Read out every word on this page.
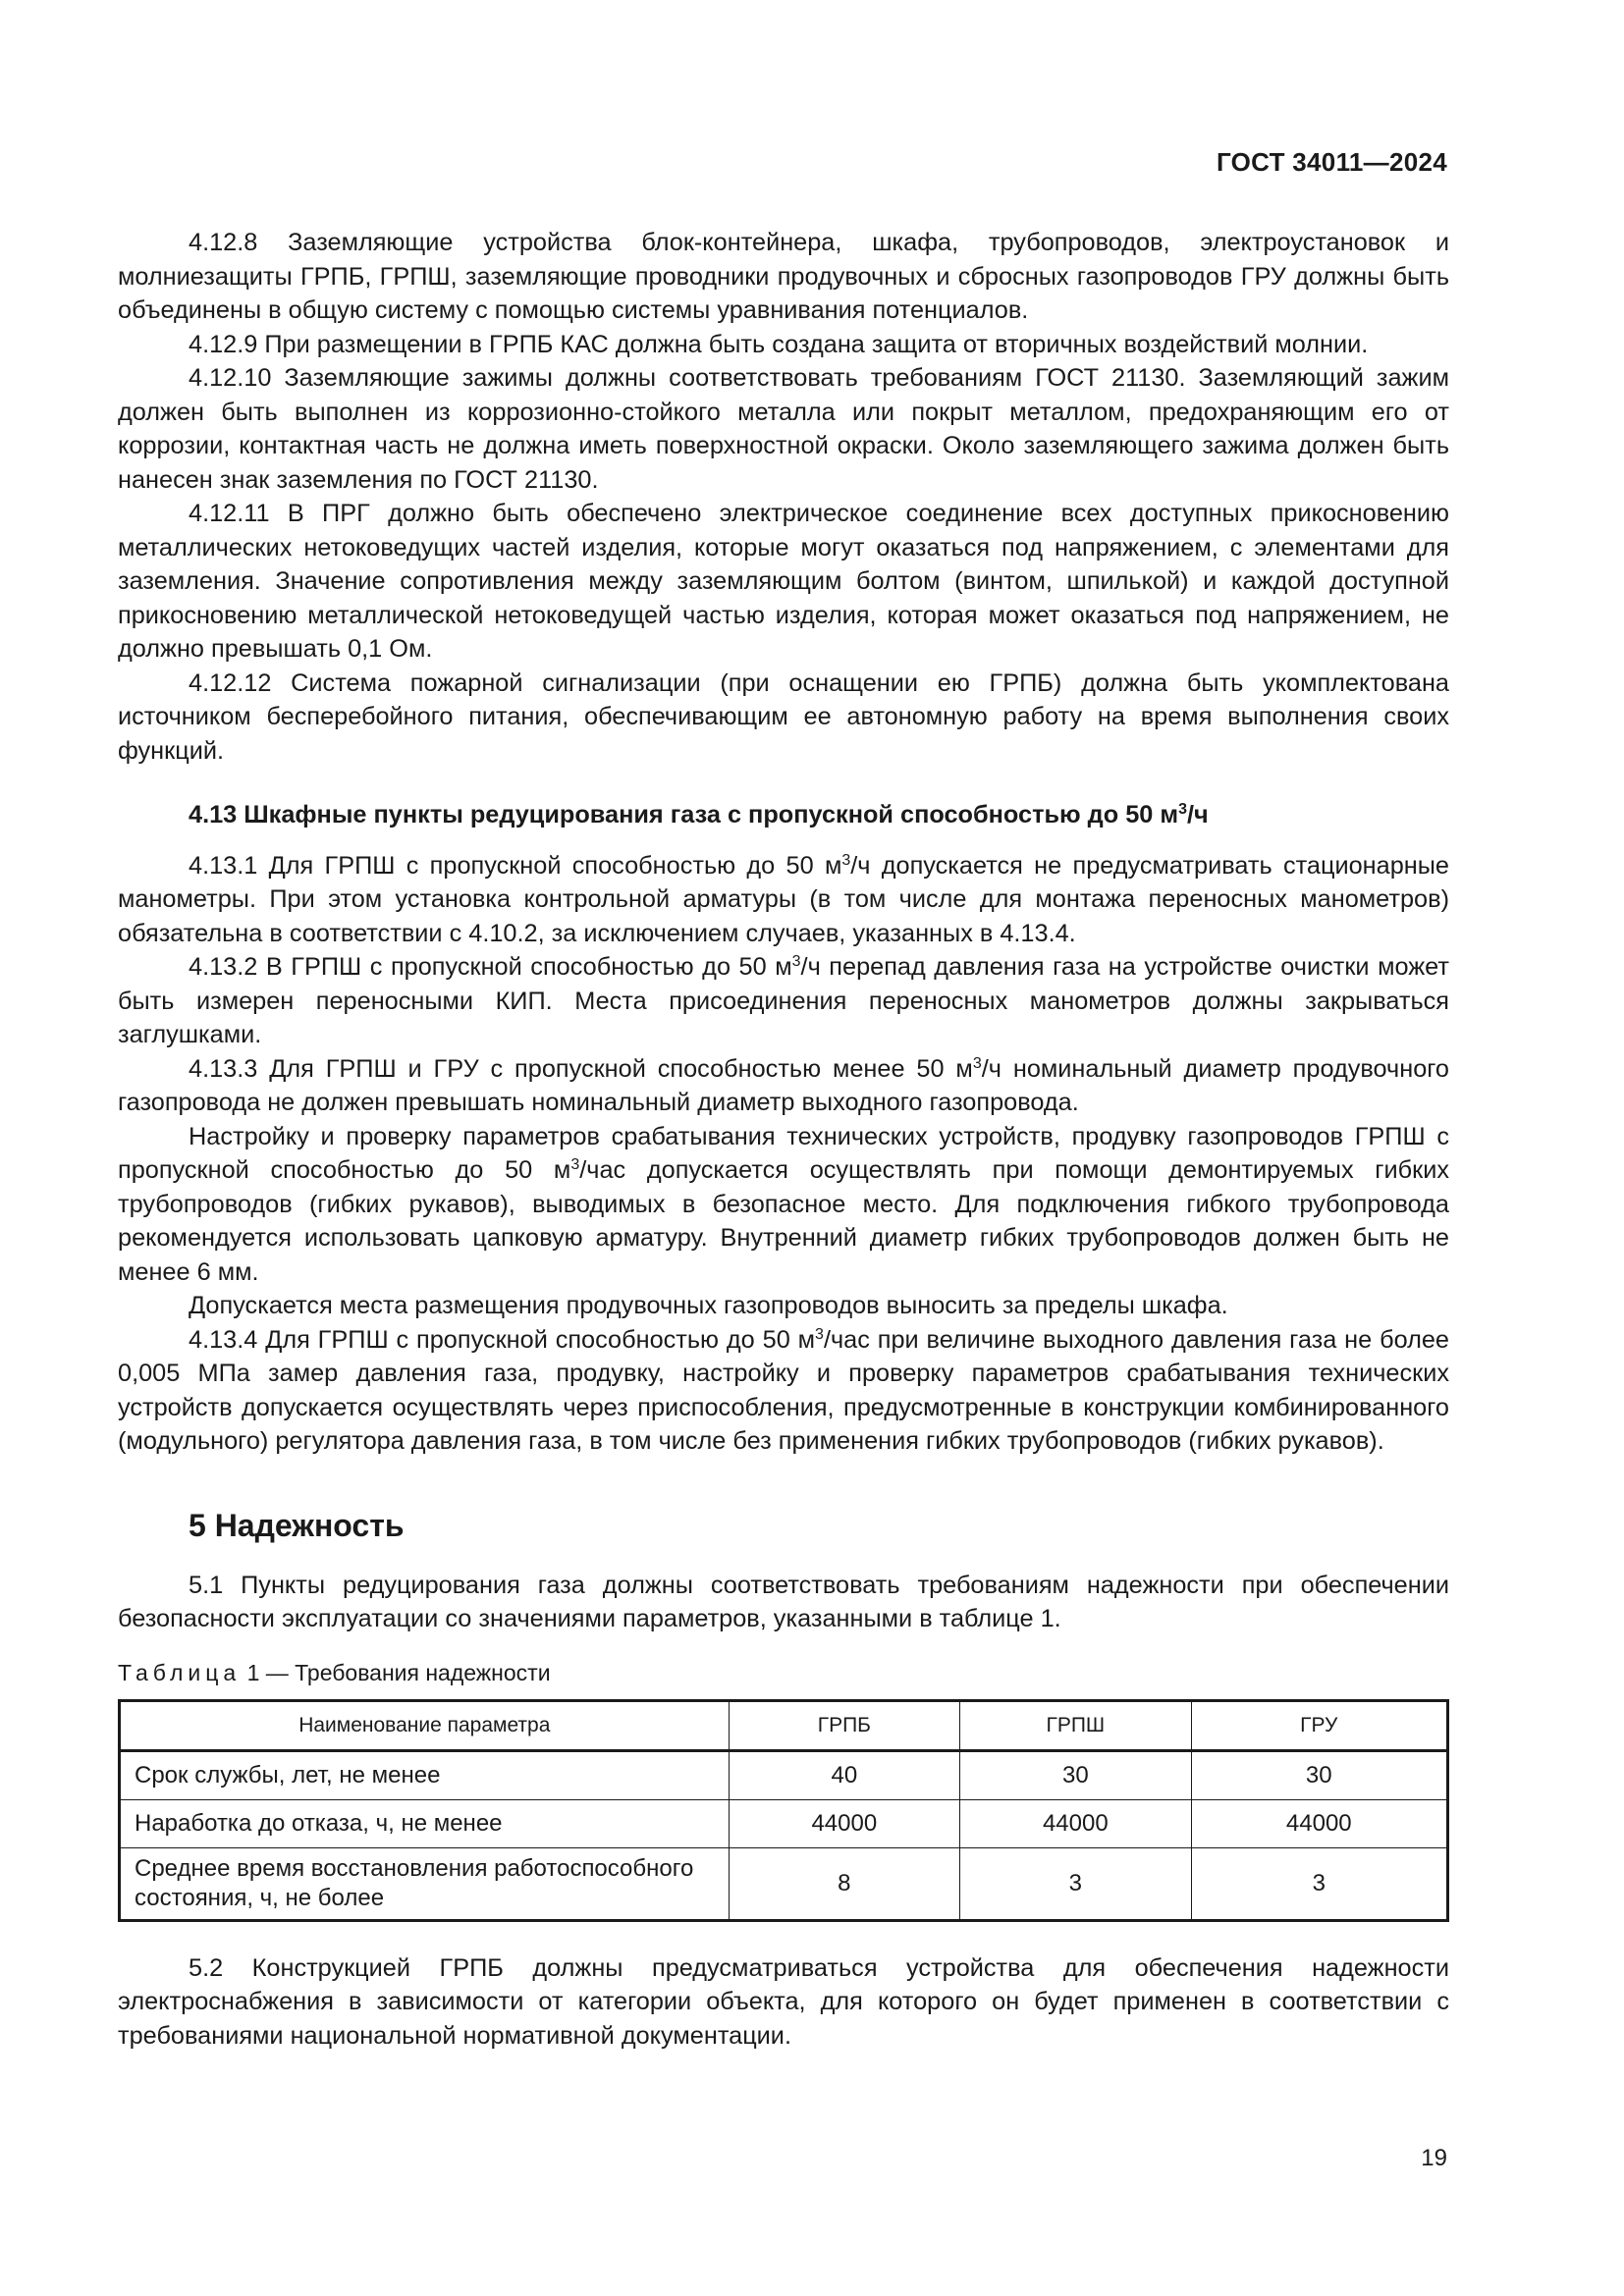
ГОСТ 34011—2024

4.12.8 Заземляющие устройства блок-контейнера, шкафа, трубопроводов, электроустановок и молниезащиты ГРПБ, ГРПШ, заземляющие проводники продувочных и сбросных газопроводов ГРУ должны быть объединены в общую систему с помощью системы уравнивания потенциалов.

4.12.9 При размещении в ГРПБ КАС должна быть создана защита от вторичных воздействий молнии.

4.12.10 Заземляющие зажимы должны соответствовать требованиям ГОСТ 21130. Заземляющий зажим должен быть выполнен из коррозионно-стойкого металла или покрыт металлом, предохраняющим его от коррозии, контактная часть не должна иметь поверхностной окраски. Около заземляющего зажима должен быть нанесен знак заземления по ГОСТ 21130.

4.12.11 В ПРГ должно быть обеспечено электрическое соединение всех доступных прикосновению металлических нетоковедущих частей изделия, которые могут оказаться под напряжением, с элементами для заземления. Значение сопротивления между заземляющим болтом (винтом, шпилькой) и каждой доступной прикосновению металлической нетоковедущей частью изделия, которая может оказаться под напряжением, не должно превышать 0,1 Ом.

4.12.12 Система пожарной сигнализации (при оснащении ею ГРПБ) должна быть укомплектована источником бесперебойного питания, обеспечивающим ее автономную работу на время выполнения своих функций.

4.13 Шкафные пункты редуцирования газа с пропускной способностью до 50 $м^3/ч$

4.13.1 Для ГРПШ с пропускной способностью до 50 $м^3/ч$ допускается не предусматривать стационарные манометры. При этом установка контрольной арматуры (в том числе для монтажа переносных манометров) обязательна в соответствии с 4.10.2, за исключением случаев, указанных в 4.13.4.

4.13.2 В ГРПШ с пропускной способностью до 50 $м^3/ч$ перепад давления газа на устройстве очистки может быть измерен переносными КИП. Места присоединения переносных манометров должны закрываться заглушками.

4.13.3 Для ГРПШ и ГРУ с пропускной способностью менее 50 $м^3/ч$ номинальный диаметр продувочного газопровода не должен превышать номинальный диаметр выходного газопровода.

Настройку и проверку параметров срабатывания технических устройств, продувку газопроводов ГРПШ с пропускной способностью до 50 $м^3$/час допускается осуществлять при помощи демонтируемых гибких трубопроводов (гибких рукавов), выводимых в безопасное место. Для подключения гибкого трубопровода рекомендуется использовать цапковую арматуру. Внутренний диаметр гибких трубопроводов должен быть не менее 6 мм.

Допускается места размещения продувочных газопроводов выносить за пределы шкафа.

4.13.4 Для ГРПШ с пропускной способностью до 50 $м^3$/час при величине выходного давления газа не более 0,005 МПа замер давления газа, продувку, настройку и проверку параметров срабатывания технических устройств допускается осуществлять через приспособления, предусмотренные в конструкции комбинированного (модульного) регулятора давления газа, в том числе без применения гибких трубопроводов (гибких рукавов).

5 Надежность

5.1 Пункты редуцирования газа должны соответствовать требованиям надежности при обеспечении безопасности эксплуатации со значениями параметров, указанными в таблице 1.

Таблица 1 — Требования надежности
Наименование параметра	ГРПБ	ГРПШ	ГРУ
Срок службы, лет, не менее	40	30	30
Наработка до отказа, ч, не менее	44000	44000	44000
Среднее время восстановления работоспособного состояния, ч, не более	8	3	3

5.2 Конструкцией ГРПБ должны предусматриваться устройства для обеспечения надежности электроснабжения в зависимости от категории объекта, для которого он будет применен в соответствии с требованиями национальной нормативной документации.

19
